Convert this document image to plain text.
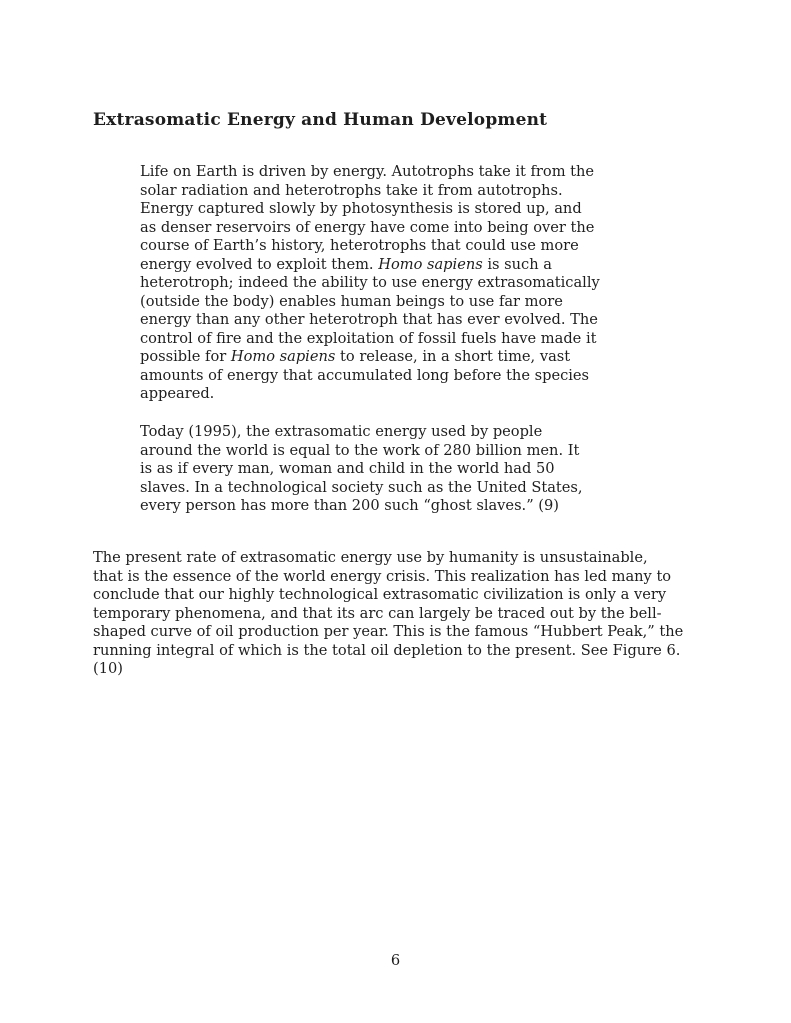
Extrasomatic Energy and Human Development
Life on Earth is driven by energy. Autotrophs take it from the
solar radiation and heterotrophs take it from autotrophs.
Energy captured slowly by photosynthesis is stored up, and
as denser reservoirs of energy have come into being over the
course of Earth’s history, heterotrophs that could use more
energy evolved to exploit them. Homo sapiens is such a
heterotroph; indeed the ability to use energy extrasomatically
(outside the body) enables human beings to use far more
energy than any other heterotroph that has ever evolved. The
control of fire and the exploitation of fossil fuels have made it
possible for Homo sapiens to release, in a short time, vast
amounts of energy that accumulated long before the species
appeared.
Today (1995), the extrasomatic energy used by people
around the world is equal to the work of 280 billion men. It
is as if every man, woman and child in the world had 50
slaves. In a technological society such as the United States,
every person has more than 200 such “ghost slaves.” (9)
The present rate of extrasomatic energy use by humanity is unsustainable,
that is the essence of the world energy crisis. This realization has led many to
conclude that our highly technological extrasomatic civilization is only a very
temporary phenomena, and that its arc can largely be traced out by the bell-
shaped curve of oil production per year. This is the famous “Hubbert Peak,” the
running integral of which is the total oil depletion to the present. See Figure 6.
(10)
6
